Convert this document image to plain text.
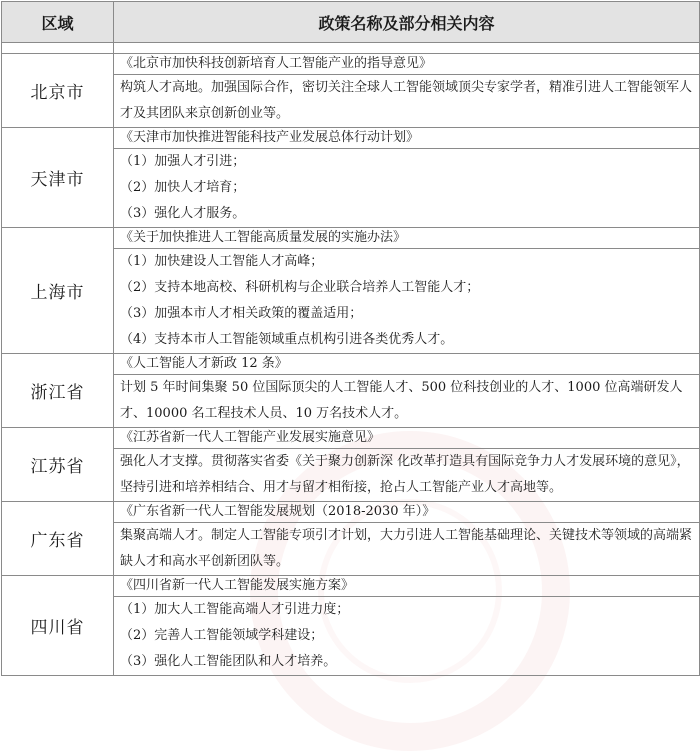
区域	政策名称及部分相关内容

北京市	《北京市加快科技创新培育人工智能产业的指导意见》
	构筑人才高地。加强国际合作，密切关注全球人工智能领域顶尖专家学者，精准引进人工智能领军人才及其团队来京创新创业等。
天津市	《天津市加快推进智能科技产业发展总体行动计划》

	（1）加强人才引进；
（2）加快人才培育；
（3）强化人才服务。

上海市	《关于加快推进人工智能高质量发展的实施办法》

	（1）加快建设人工智能人才高峰；
（2）支持本地高校、科研机构与企业联合培养人工智能人才；
（3）加强本市人才相关政策的覆盖适用；
（4）支持本市人工智能领域重点机构引进各类优秀人才。

浙江省	《人工智能人才新政 12 条》
	计划 5 年时间集聚 50 位国际顶尖的人工智能人才、500 位科技创业的人才、1000 位高端研发人才、10000 名工程技术人员、10 万名技术人才。
江苏省	《江苏省新一代人工智能产业发展实施意见》
	强化人才支撑。贯彻落实省委《关于聚力创新深 化改革打造具有国际竞争力人才发展环境的意见》，坚持引进和培养相结合、用才与留才相衔接，抢占人工智能产业人才高地等。
广东省	《广东省新一代人工智能发展规划（2018-2030 年）》
	集聚高端人才。制定人工智能专项引才计划，大力引进人工智能基础理论、关键技术等领域的高端紧缺人才和高水平创新团队等。
四川省	《四川省新一代人工智能发展实施方案》

	（1）加大人工智能高端人才引进力度；
（2）完善人工智能领域学科建设；
（3）强化人工智能团队和人才培养。
